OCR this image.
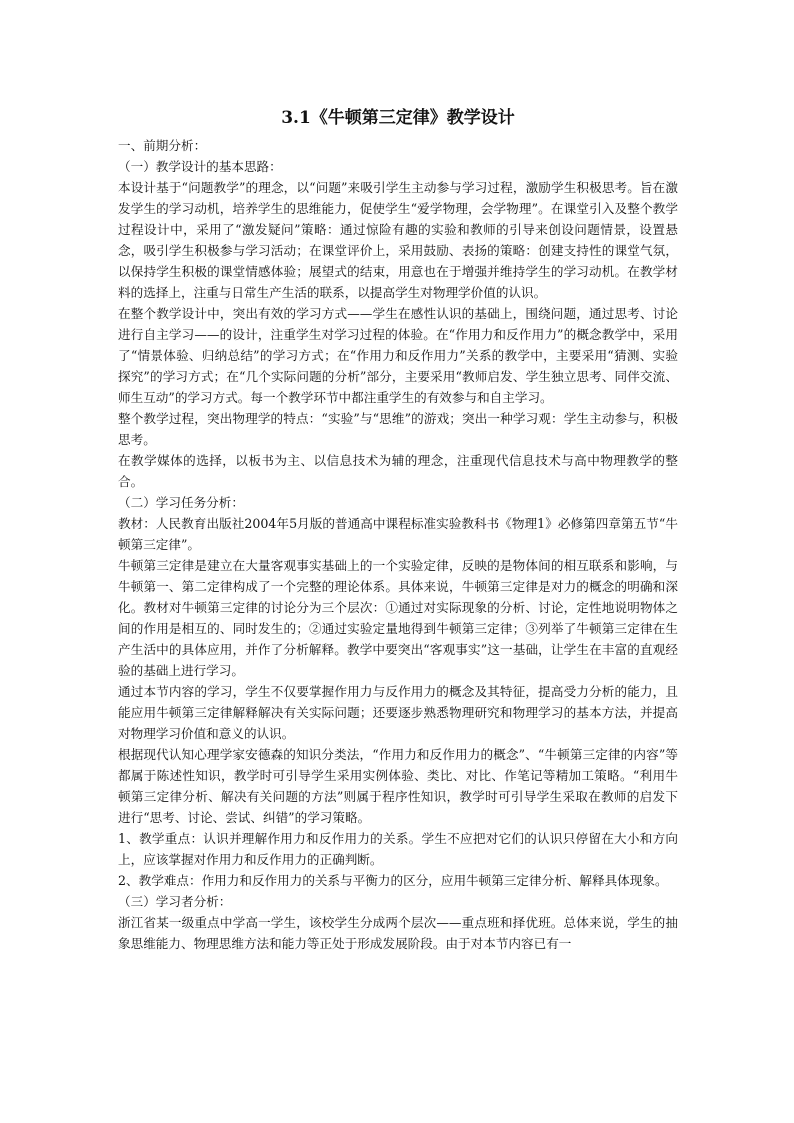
3.1《牛顿第三定律》教学设计

一、前期分析：

（一）教学设计的基本思路：

本设计基于“问题教学”的理念，以“问题”来吸引学生主动参与学习过程，激励学生积极思考。旨在激发学生的学习动机，培养学生的思维能力，促使学生“爱学物理，会学物理”。在课堂引入及整个教学过程设计中，采用了“激发疑问”策略：通过惊险有趣的实验和教师的引导来创设问题情景，设置悬念，吸引学生积极参与学习活动；在课堂评价上，采用鼓励、表扬的策略：创建支持性的课堂气氛，以保持学生积极的课堂情感体验；展望式的结束，用意也在于增强并维持学生的学习动机。在教学材料的选择上，注重与日常生产生活的联系，以提高学生对物理学价值的认识。

在整个教学设计中，突出有效的学习方式——学生在感性认识的基础上，围绕问题，通过思考、讨论进行自主学习——的设计，注重学生对学习过程的体验。在“作用力和反作用力”的概念教学中，采用了“情景体验、归纳总结”的学习方式；在“作用力和反作用力”关系的教学中，主要采用“猜测、实验探究”的学习方式；在“几个实际问题的分析”部分，主要采用“教师启发、学生独立思考、同伴交流、师生互动”的学习方式。每一个教学环节中都注重学生的有效参与和自主学习。

整个教学过程，突出物理学的特点：“实验”与“思维”的游戏；突出一种学习观：学生主动参与，积极思考。

在教学媒体的选择，以板书为主、以信息技术为辅的理念，注重现代信息技术与高中物理教学的整合。

（二）学习任务分析：

教材：人民教育出版社2004年5月版的普通高中课程标准实验教科书《物理1》必修第四章第五节“牛顿第三定律”。

牛顿第三定律是建立在大量客观事实基础上的一个实验定律，反映的是物体间的相互联系和影响，与牛顿第一、第二定律构成了一个完整的理论体系。具体来说，牛顿第三定律是对力的概念的明确和深化。教材对牛顿第三定律的讨论分为三个层次：①通过对实际现象的分析、讨论，定性地说明物体之间的作用是相互的、同时发生的；②通过实验定量地得到牛顿第三定律；③列举了牛顿第三定律在生产生活中的具体应用，并作了分析解释。教学中要突出“客观事实”这一基础，让学生在丰富的直观经验的基础上进行学习。

通过本节内容的学习，学生不仅要掌握作用力与反作用力的概念及其特征，提高受力分析的能力，且能应用牛顿第三定律解释解决有关实际问题；还要逐步熟悉物理研究和物理学习的基本方法，并提高对物理学习价值和意义的认识。

根据现代认知心理学家安德森的知识分类法，“作用力和反作用力的概念”、“牛顿第三定律的内容”等都属于陈述性知识，教学时可引导学生采用实例体验、类比、对比、作笔记等精加工策略。“利用牛顿第三定律分析、解决有关问题的方法”则属于程序性知识，教学时可引导学生采取在教师的启发下进行“思考、讨论、尝试、纠错”的学习策略。

1、教学重点：认识并理解作用力和反作用力的关系。学生不应把对它们的认识只停留在大小和方向上，应该掌握对作用力和反作用力的正确判断。

2、教学难点：作用力和反作用力的关系与平衡力的区分，应用牛顿第三定律分析、解释具体现象。

（三）学习者分析：

浙江省某一级重点中学高一学生，该校学生分成两个层次——重点班和择优班。总体来说，学生的抽象思维能力、物理思维方法和能力等正处于形成发展阶段。由于对本节内容已有一
